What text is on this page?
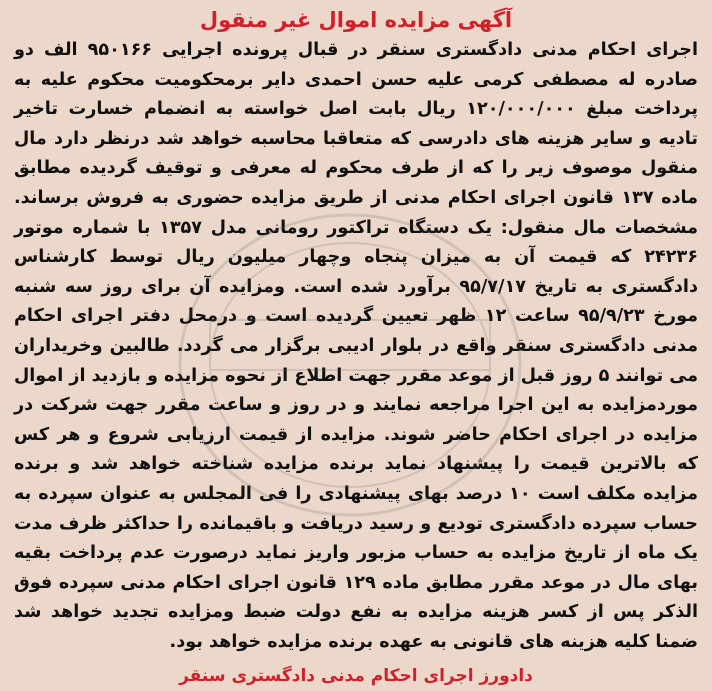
آگهی مزایده اموال غیر منقول

اجرای احکام مدنی دادگستری سنقر در قبال پرونده اجرایی ۹۵۰۱۶۶ الف دو صادره له مصطفی کرمی علیه حسن احمدی دایر برمحکومیت محکوم علیه به پرداخت مبلغ ۱۲۰/۰۰۰/۰۰۰ ریال بابت اصل خواسته به انضمام خسارت تاخیر تادیه و سایر هزینه های دادرسی که متعاقبا محاسبه خواهد شد درنظر دارد مال منقول موصوف زیر را که از طرف محکوم له معرفی و توقیف گردیده مطابق ماده ۱۳۷ قانون اجرای احکام مدنی از طریق مزایده حضوری به فروش برساند. مشخصات مال منقول: یک دستگاه تراکتور رومانی مدل ۱۳۵۷ با شماره موتور ۲۴۲۳۶ که قیمت آن به میزان پنجاه وچهار میلیون ریال توسط کارشناس دادگستری به تاریخ ۹۵/۷/۱۷ برآورد شده است. ومزایده آن برای روز سه شنبه مورخ ۹۵/۹/۲۳ ساعت ۱۲ ظهر تعیین گردیده است و درمحل دفتر اجرای احکام مدنی دادگستری سنقر واقع در بلوار ادیبی برگزار می گردد. طالبین وخریداران می توانند ۵ روز قبل از موعد مقرر جهت اطلاع از نحوه مزایده و بازدید از اموال موردمزایده به این اجرا مراجعه نمایند و در روز و ساعت مقرر جهت شرکت در مزایده در اجرای احکام حاضر شوند. مزایده از قیمت ارزیابی شروع و هر کس که بالاترین قیمت را پیشنهاد نماید برنده مزایده شناخته خواهد شد و برنده مزایده مکلف است ۱۰ درصد بهای پیشنهادی را فی المجلس به عنوان سپرده به حساب سپرده دادگستری تودیع و رسید دریافت و باقیمانده را حداکثر ظرف مدت یک ماه از تاریخ مزایده به حساب مزبور واریز نماید درصورت عدم پرداخت بقیه بهای مال در موعد مقرر مطابق ماده ۱۲۹ قانون اجرای احکام مدنی سپرده فوق الذکر پس از کسر هزینه مزایده به نفع دولت ضبط ومزایده تجدید خواهد شد ضمنا کلیه هزینه های قانونی به عهده برنده مزایده خواهد بود.

دادورز اجرای احکام مدنی دادگستری سنقر
